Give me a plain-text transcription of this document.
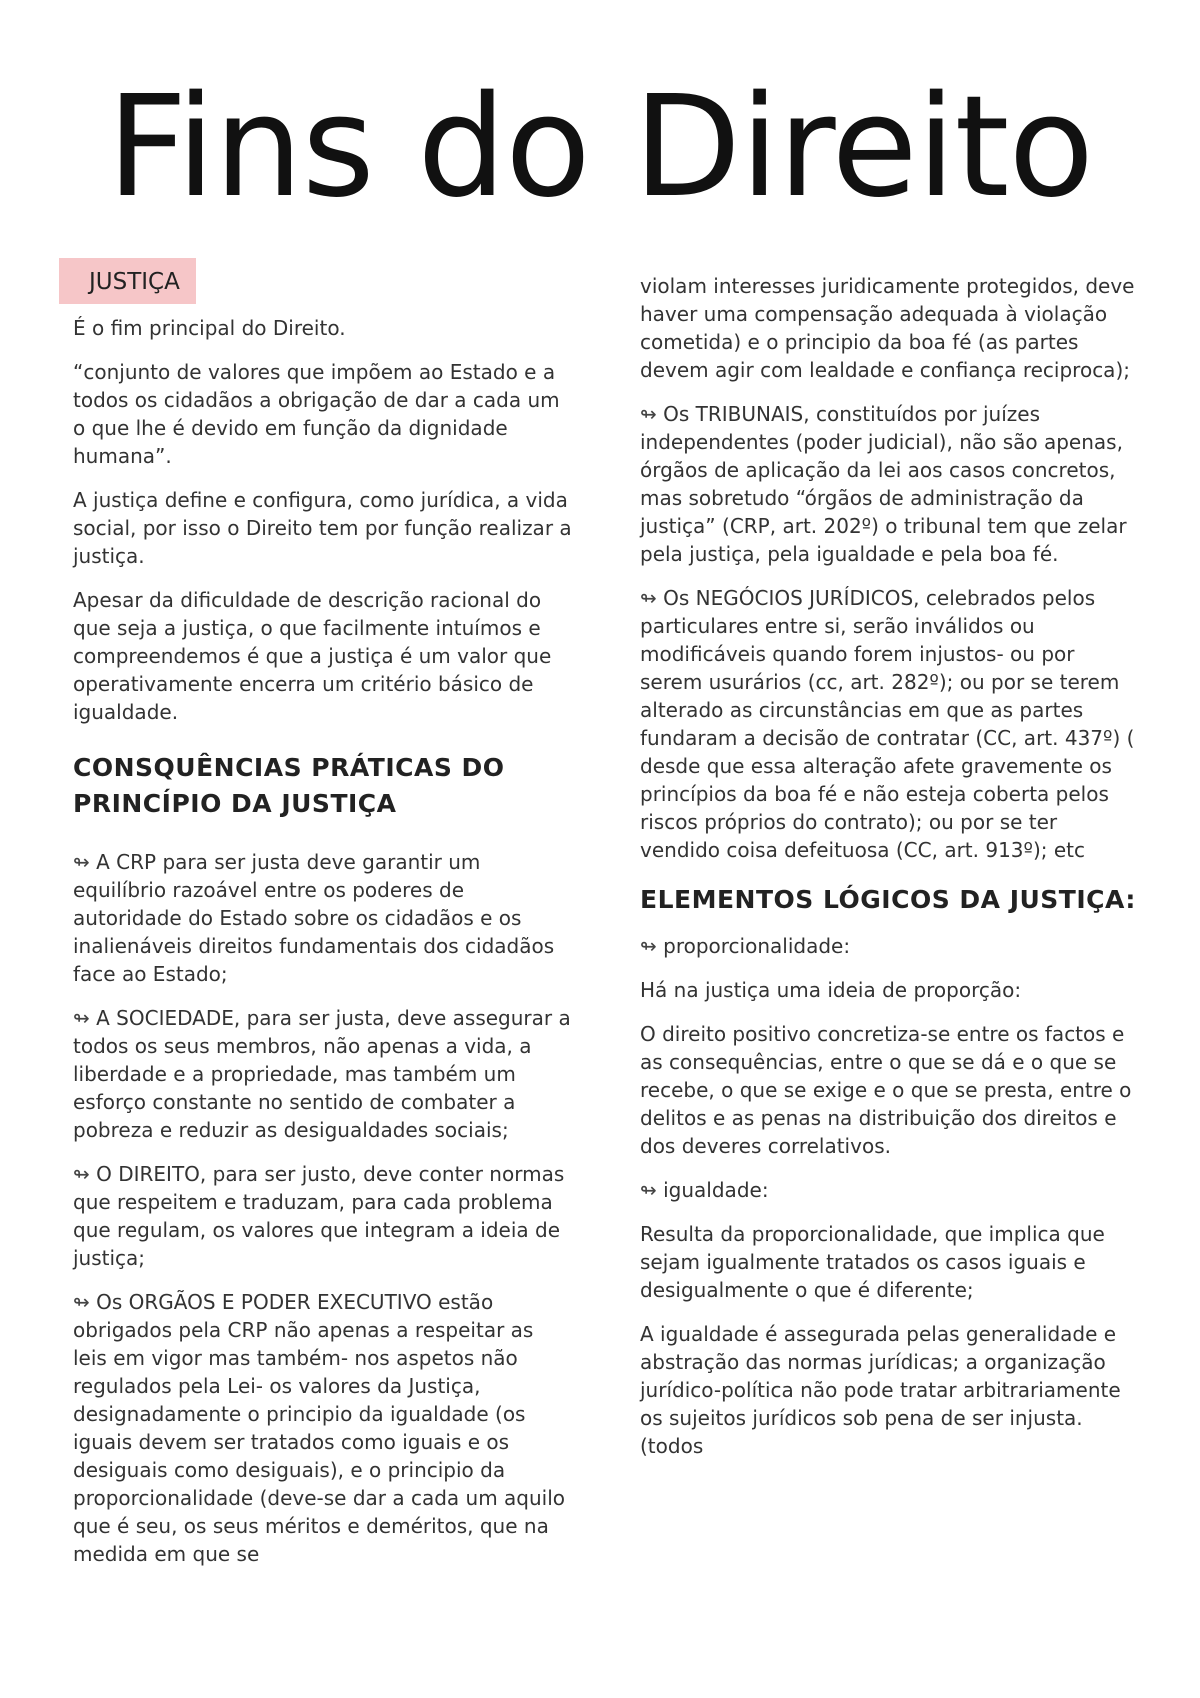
Fins do Direito
JUSTIÇA

É o fim principal do Direito.

“conjunto de valores que impõem ao Estado e a todos os cidadãos a obrigação de dar a cada um o que lhe é devido em função da dignidade humana”.

A justiça define e configura, como jurídica, a vida social, por isso o Direito tem por função realizar a justiça.

Apesar da dificuldade de descrição racional do que seja a justiça, o que facilmente intuímos e compreendemos é que a justiça é um valor que operativamente encerra um critério básico de igualdade.

CONSQUÊNCIAS PRÁTICAS DO PRINCÍPIO DA JUSTIÇA

↬ A CRP para ser justa deve garantir um equilíbrio razoável entre os poderes de autoridade do Estado sobre os cidadãos e os inalienáveis direitos fundamentais dos cidadãos face ao Estado;

↬ A SOCIEDADE, para ser justa, deve assegurar a todos os seus membros, não apenas a vida, a liberdade e a propriedade, mas também um esforço constante no sentido de combater a pobreza e reduzir as desigualdades sociais;

↬ O DIREITO, para ser justo, deve conter normas que respeitem e traduzam, para cada problema que regulam, os valores que integram a ideia de justiça;

↬ Os ORGÃOS E PODER EXECUTIVO estão obrigados pela CRP não apenas a respeitar as leis em vigor mas também- nos aspetos não regulados pela Lei- os valores da Justiça, designadamente o principio da igualdade (os iguais devem ser tratados como iguais e os desiguais como desiguais), e o principio da proporcionalidade (deve-se dar a cada um aquilo que é seu, os seus méritos e deméritos, que na medida em que se

violam interesses juridicamente protegidos, deve haver uma compensação adequada à violação cometida) e o principio da boa fé (as partes devem agir com lealdade e confiança reciproca);

↬ Os TRIBUNAIS, constituídos por juízes independentes (poder judicial), não são apenas, órgãos de aplicação da lei aos casos concretos, mas sobretudo “órgãos de administração da justiça” (CRP, art. 202º) o tribunal tem que zelar pela justiça, pela igualdade e pela boa fé.

↬ Os NEGÓCIOS JURÍDICOS, celebrados pelos particulares entre si, serão inválidos ou modificáveis quando forem injustos- ou por serem usurários (cc, art. 282º); ou por se terem alterado as circunstâncias em que as partes fundaram a decisão de contratar (CC, art. 437º) ( desde que essa alteração afete gravemente os princípios da boa fé e não esteja coberta pelos riscos próprios do contrato); ou por se ter vendido coisa defeituosa (CC, art. 913º); etc

ELEMENTOS LÓGICOS DA JUSTIÇA:

↬ proporcionalidade:

Há na justiça uma ideia de proporção:

O direito positivo concretiza-se entre os factos e as consequências, entre o que se dá e o que se recebe, o que se exige e o que se presta, entre o delitos e as penas na distribuição dos direitos e dos deveres correlativos.

↬ igualdade:

Resulta da proporcionalidade, que implica que sejam igualmente tratados os casos iguais e desigualmente o que é diferente;

A igualdade é assegurada pelas generalidade e abstração das normas jurídicas; a organização jurídico-política não pode tratar arbitrariamente os sujeitos jurídicos sob pena de ser injusta. (todos
